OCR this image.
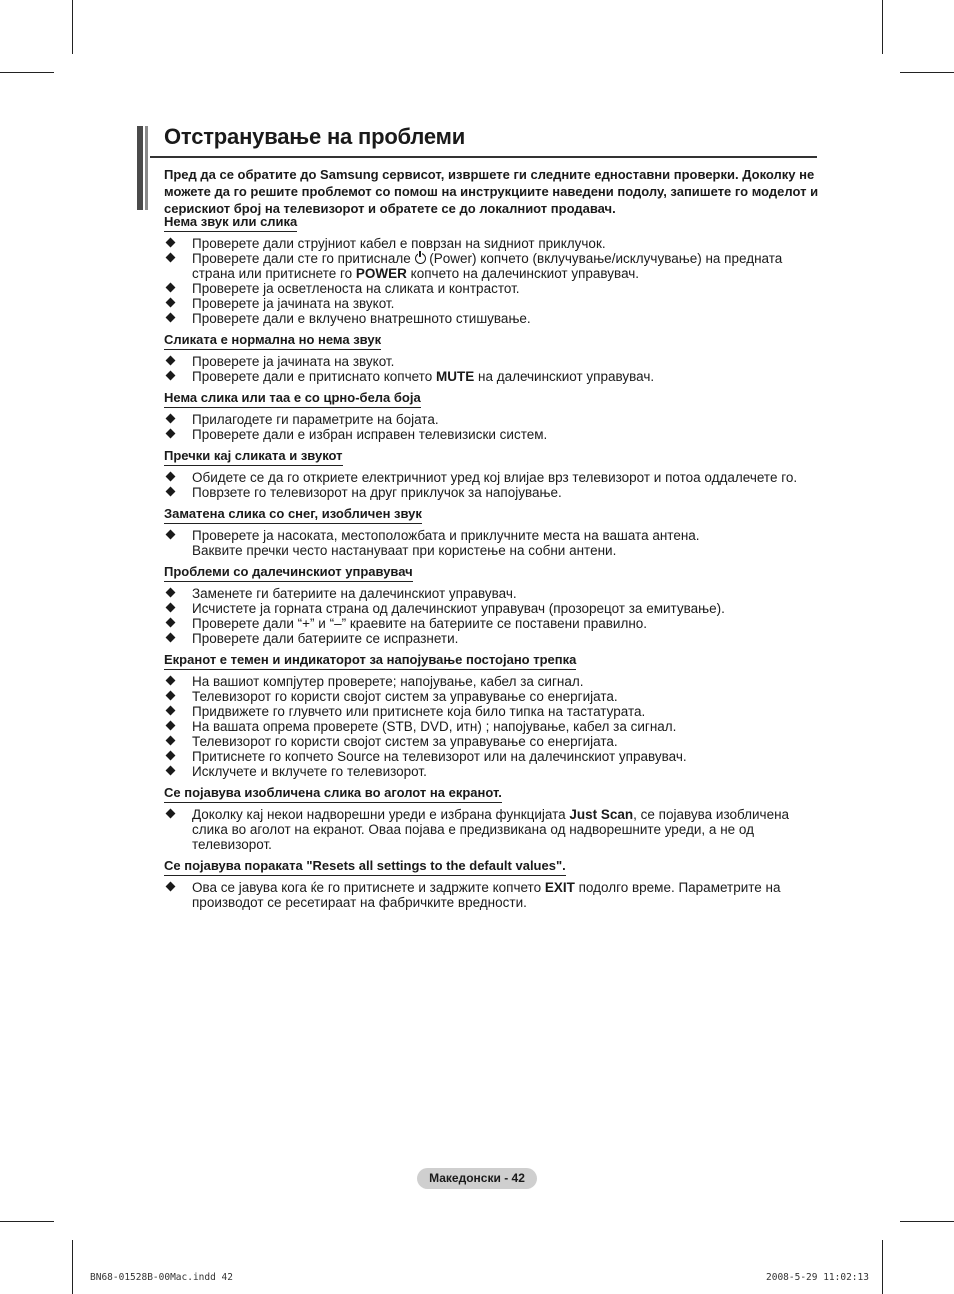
Отстранување на проблеми
Пред да се обратите до Samsung сервисот, извршете ги следните едноставни проверки. Доколку не можете да го решите проблемот со помош на инструкциите наведени подолу, запишете го моделот и серискиот број на телевизорот и обратете се до локалниот продавач.
Нема звук или слика
Проверете дали струјниот кабел е поврзан на ѕидниот приклучок.
Проверете дали сте го притиснале  (Power) копчето (вклучување/исклучување) на предната страна или притиснете го POWER копчето на далечинскиот управувач.
Проверете ја осветленоста на сликата и контрастот.
Проверете ја јачината на звукот.
Проверете дали е вклучено внатрешното стишување.
Сликата е нормална но нема звук
Проверете ја јачината на звукот.
Проверете дали е притиснато копчето MUTE на далечинскиот управувач.
Нема слика или таа е со црно-бела боја
Прилагодете ги параметрите на бојата.
Проверете дали е избран исправен телевизиски систем.
Пречки кај сликата и звукот
Обидете се да го откриете електричниот уред кој влијае врз телевизорот и потоа оддалечете го.
Поврзете го телевизорот на друг приклучок за напојување.
Заматена слика со снег, изобличен звук
Проверете ја насоката, местоположбата и приклучните места на вашата антена.
Ваквите пречки често настануваат при користење на собни антени.
Проблеми со далечинскиот управувач
Заменете ги батериите на далечинскиот управувач.
Исчистете ја горната страна од далечинскиот управувач (прозорецот за емитување).
Проверете дали “+” и “–” краевите на батериите се поставени правилно.
Проверете дали батериите се испразнети.
Екранот е темен и индикаторот за напојување постојано трепка
На вашиот компјутер проверете; напојување, кабел за сигнал.
Телевизорот го користи својот систем за управување со енергијата.
Придвижете го глувчето или притиснете која било типка на тастатурата.
На вашата опрема проверете (STB, DVD, итн) ; напојување, кабел за сигнал.
Телевизорот го користи својот систем за управување со енергијата.
Притиснете го копчето Source на телевизорот или на далечинскиот управувач.
Исклучете и вклучете го телевизорот.
Се појавува изобличена слика во аголот на екранот.
Доколку кај некои надворешни уреди е избрана функцијата Just Scan, се појавува изобличена слика во аголот на екранот. Оваа појава е предизвикана од надворешните уреди, а не од телевизорот.
Се појавува пораката "Resets all settings to the default values".
Ова се јавува кога ќе го притиснете и задржите копчето EXIT подолго време. Параметрите на производот се ресетираат на фабричките вредности.
Македонски - 42
BN68-01528B-00Mac.indd 42	2008-5-29 11:02:13
